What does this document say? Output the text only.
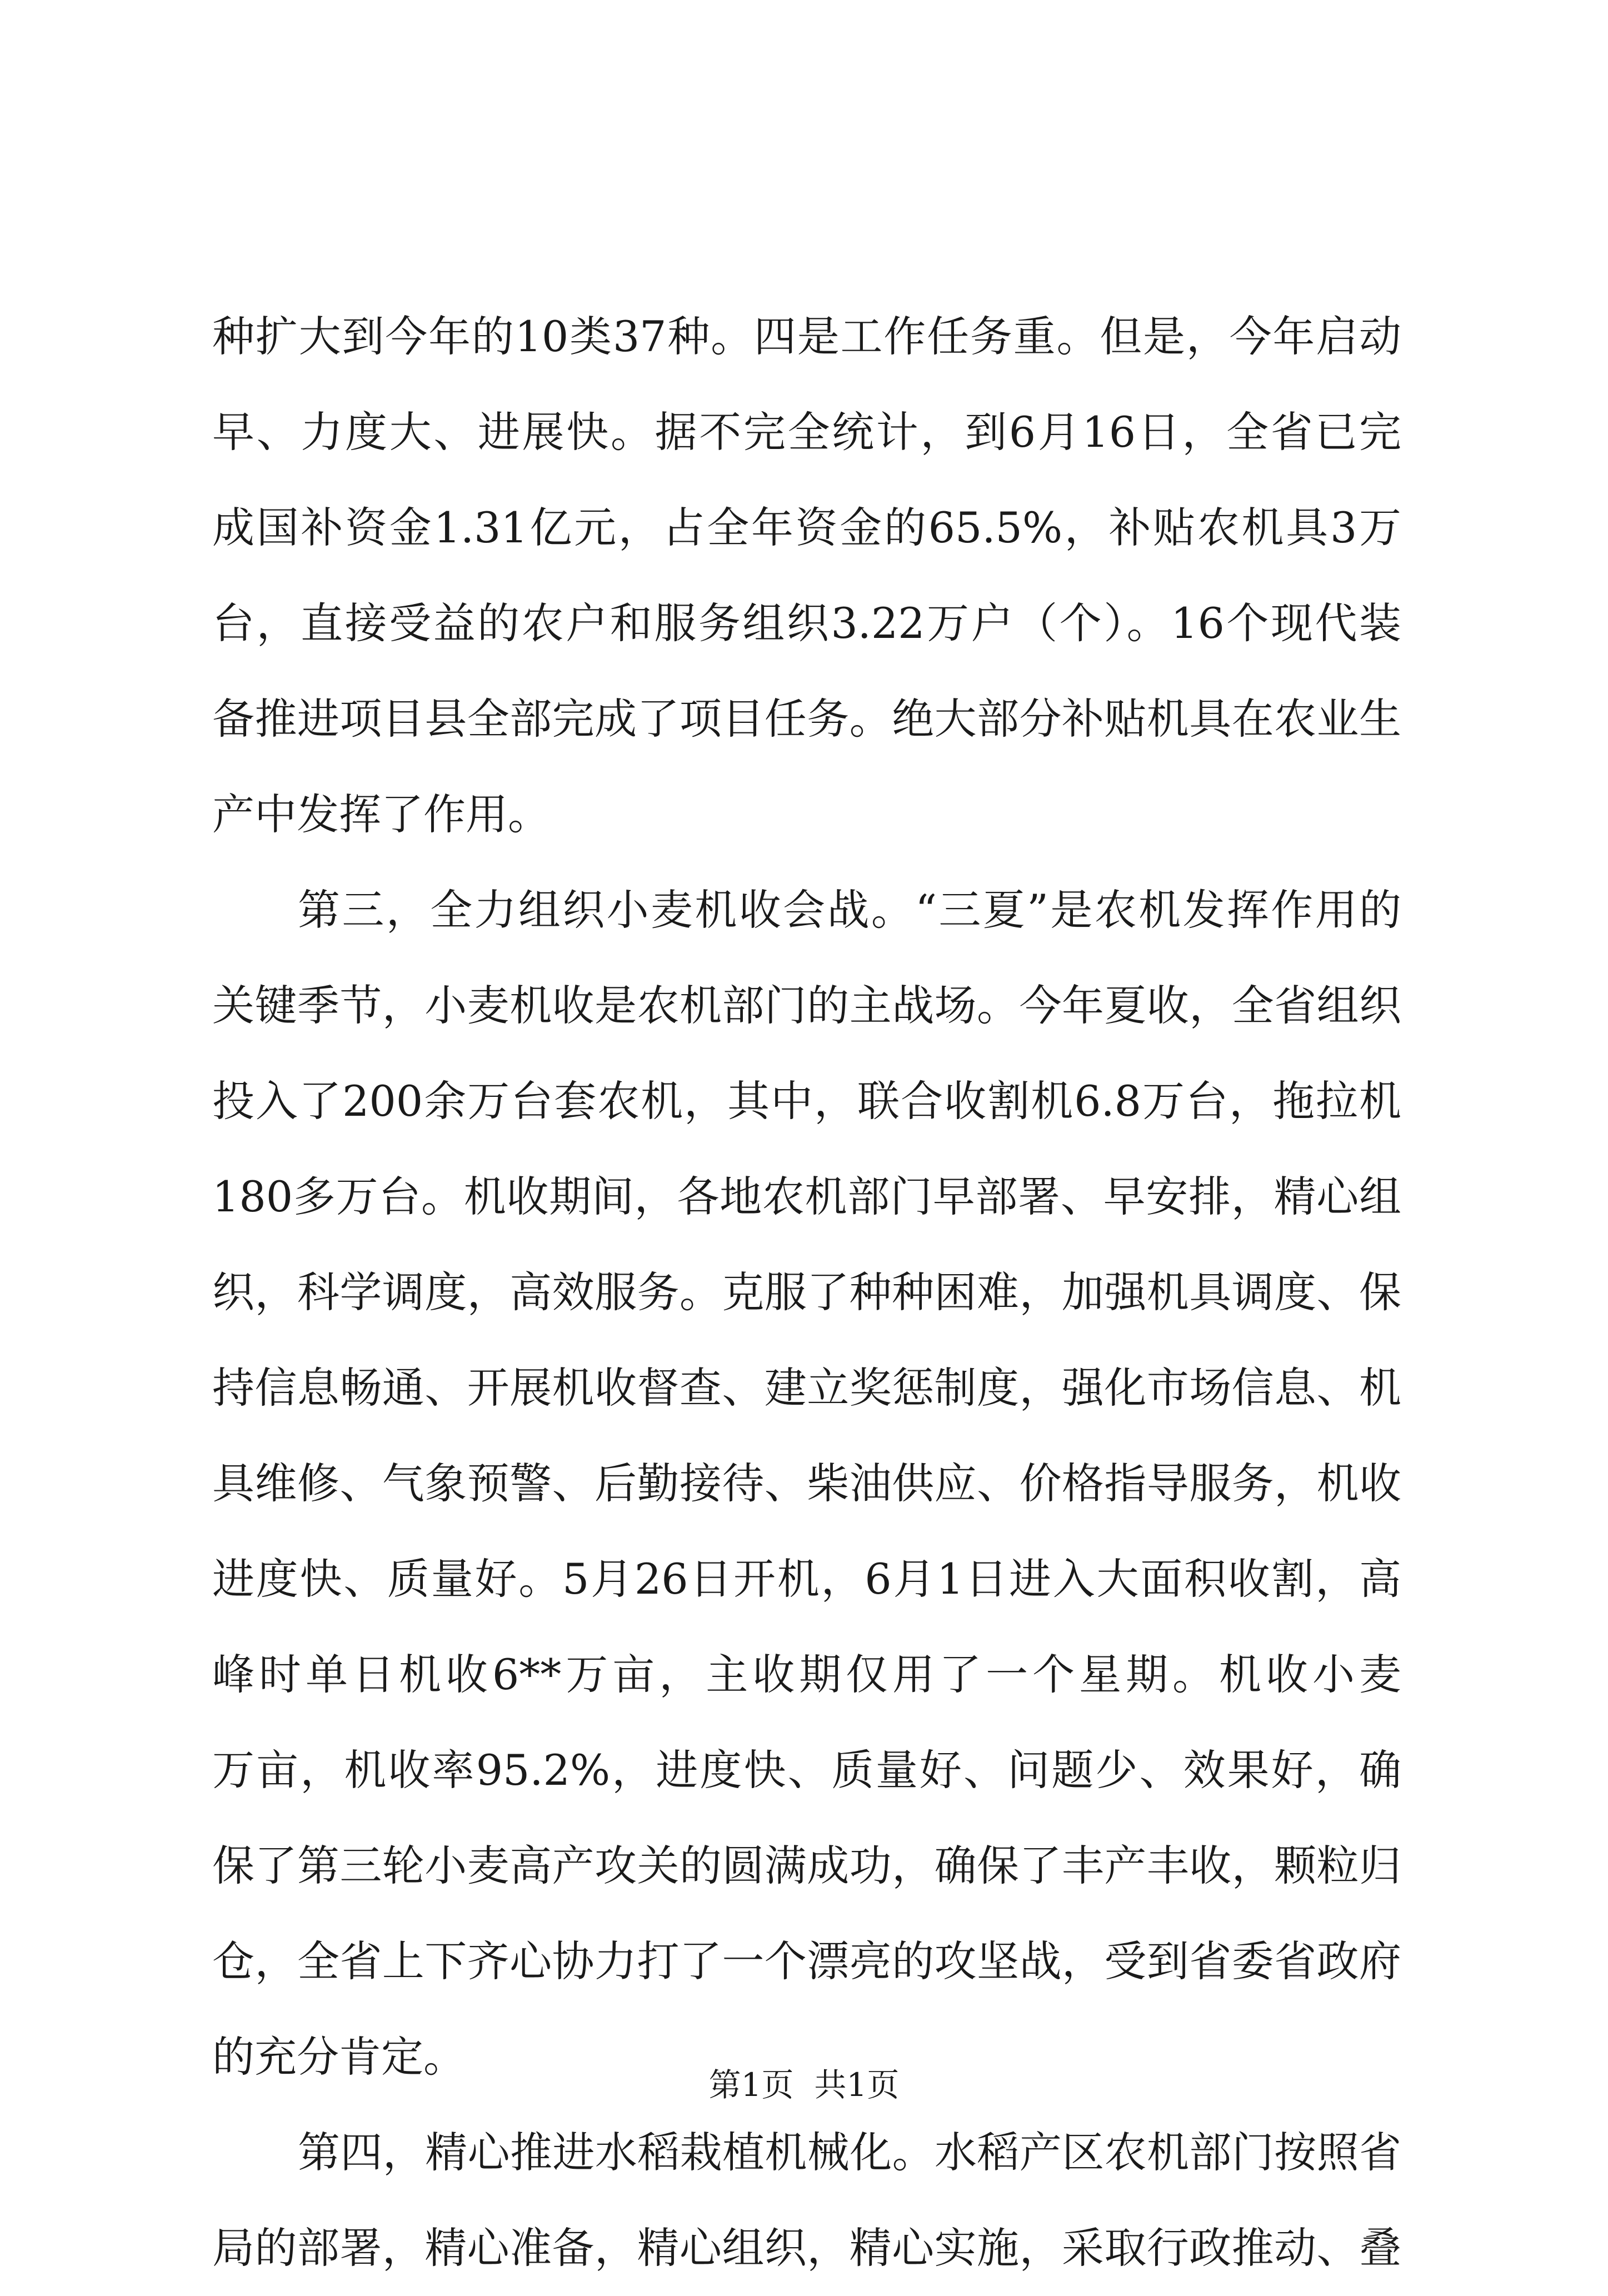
种扩大到今年的10类37种。四是工作任务重。但是，今年启动
早、力度大、进展快。据不完全统计，到6月16日，全省已完
成国补资金1.31亿元，占全年资金的65.5%，补贴农机具3万
台，直接受益的农户和服务组织3.22万户（个）。16个现代装
备推进项目县全部完成了项目任务。绝大部分补贴机具在农业生
产中发挥了作用。
第三，全力组织小麦机收会战。“三夏”是农机发挥作用的
关键季节，小麦机收是农机部门的主战场。今年夏收，全省组织
投入了200余万台套农机，其中，联合收割机6.8万台，拖拉机
180多万台。机收期间，各地农机部门早部署、早安排，精心组
织，科学调度，高效服务。克服了种种困难，加强机具调度、保
持信息畅通、开展机收督查、建立奖惩制度，强化市场信息、机
具维修、气象预警、后勤接待、柴油供应、价格指导服务，机收
进度快、质量好。5月26日开机，6月1日进入大面积收割，高
峰时单日机收6**万亩，主收期仅用了一个星期。机收小麦
万亩，机收率95.2%，进度快、质量好、问题少、效果好，确
保了第三轮小麦高产攻关的圆满成功，确保了丰产丰收，颗粒归
仓，全省上下齐心协力打了一个漂亮的攻坚战，受到省委省政府
的充分肯定。
第四，精心推进水稻栽植机械化。水稻产区农机部门按照省
局的部署，精心准备，精心组织，精心实施，采取行政推动、叠
第1页  共1页
